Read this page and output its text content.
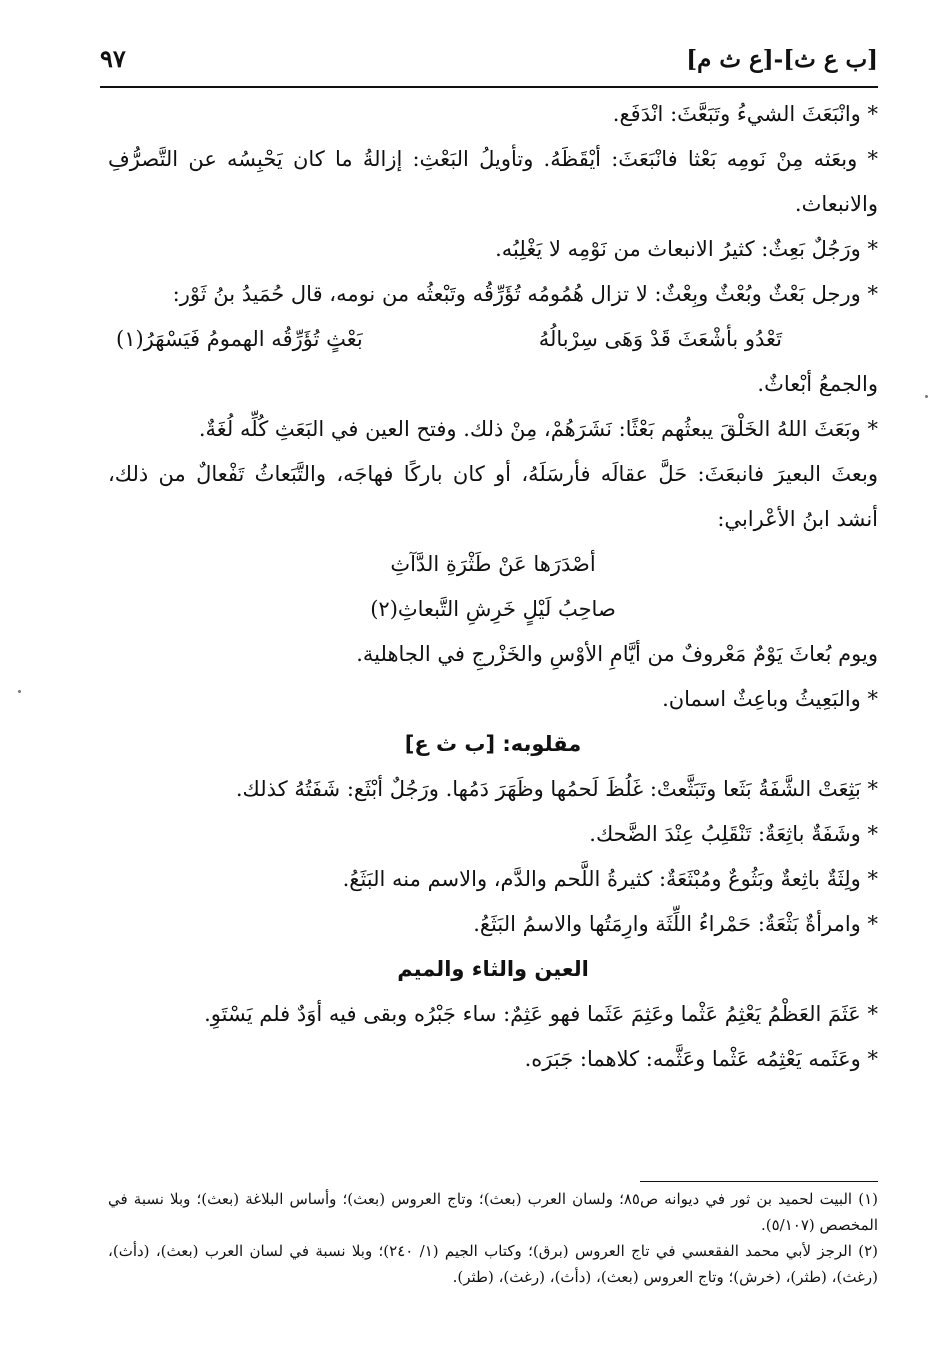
[ب ع ث]-[ع ث م]
٩٧

* وانْبَعَثَ الشيءُ وتَبَعَّثَ: انْدَفَع.

* وبعَثه مِنْ نَومِه بَعْثا فانْبَعَثَ: أيْقَظَهُ. وتأويلُ البَعْثِ: إزالةُ ما كان يَحْبِسُه عن التَّصرُّفِ والانبعاث.

* ورَجُلٌ بَعِثٌ: كثيرُ الانبعاث من نَوْمِه لا يَغْلِبُه.

* ورجل بَعْثٌ وبُعْثٌ وبِعْثٌ: لا تزال هُمُومُه تُؤَرِّقُه وتَبْعثُه من نومه، قال حُمَيدُ بنُ ثَوْر:

تَعْدُو بأشْعَثَ قَدْ وَهَى سِرْبالُهُ
بَعْثٍ تُؤَرِّقُه الهمومُ فَيَسْهَرُ(١)

والجمعُ أبْعاثٌ.

* وبَعَثَ اللهُ الخَلْقَ يبعثُهم بَعْثًا: نَشَرَهُمْ، مِنْ ذلك. وفتح العين في البَعَثِ كُلِّه لُغَةٌ.

وبعثَ البعيرَ فانبعَثَ: حَلَّ عقالَه فأرسَلَهُ، أو كان باركًا فهاجَه، والتَّبَعاثُ تَفْعالٌ من ذلك، أنشد ابنُ الأعْرابي:

أصْدَرَها عَنْ طَثْرَةِ الدَّآثِ

صاحِبُ لَيْلٍ خَرِشِ التَّبعاثِ(٢)

ويوم بُعاثَ يَوْمٌ مَعْروفٌ من أيَّامِ الأوْسِ والخَزْرجِ في الجاهلية.

* والبَعِيثُ وباعِثٌ اسمان.

مقلوبه: [ب ث ع]

* بَثِعَتْ الشَّفَةُ بَثَعا وتَبَثَّعتْ: غَلُظَ لَحمُها وظَهَرَ دَمُها. ورَجُلٌ أبْثَع: شَفَتُهُ كذلك.

* وشَفَةٌ باثِعَةٌ: تَنْقَلِبُ عِنْدَ الضَّحك.

* ولِثَةٌ باثِعةٌ وبَثُوعٌ ومُبْثَعَةٌ: كثيرةُ اللَّحم والدَّم، والاسم منه البَثَعُ.

* وامرأةٌ بَثْعَةٌ: حَمْراءُ اللِّثَة وارِمَتُها والاسمُ البَثَعُ.

العين والثاء والميم

* عَثَمَ العَظْمُ يَعْثِمُ عَثْما وعَثِمَ عَثَما فهو عَثِمٌ: ساء جَبْرُه وبقى فيه أوَدٌ فلم يَسْتَوِ.

* وعَثَمه يَعْثِمُه عَثْما وعَثَّمه: كلاهما: جَبَرَه.

(١) البيت لحميد بن ثور في ديوانه ص٨٥؛ ولسان العرب (بعث)؛ وتاج العروس (بعث)؛ وأساس البلاغة (بعث)؛ وبلا نسبة في المخصص (٥/١٠٧).

(٢) الرجز لأبي محمد الفقعسي في تاج العروس (برق)؛ وكتاب الجيم (١/ ٢٤٠)؛ وبلا نسبة في لسان العرب (بعث)، (دأث)، (رغث)، (طثر)، (خرش)؛ وتاج العروس (بعث)، (دأث)، (رغث)، (طثر).
